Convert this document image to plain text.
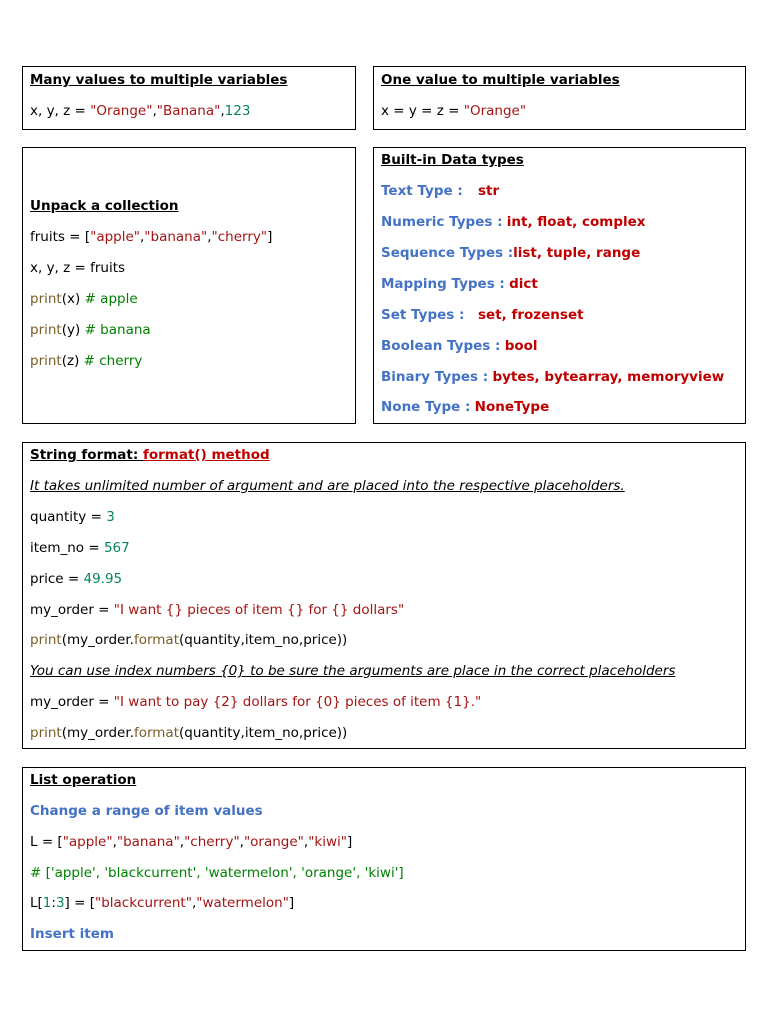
Many values to multiple variables
x, y, z = "Orange","Banana",123
One value to multiple variables
x = y = z = "Orange"
Unpack a collection
fruits = ["apple","banana","cherry"]
x, y, z = fruits
print(x) # apple
print(y) # banana
print(z) # cherry
Built-in Data types
Text Type : str
Numeric Types : int, float, complex
Sequence Types :list, tuple, range
Mapping Types : dict
Set Types : set, frozenset
Boolean Types : bool
Binary Types : bytes, bytearray, memoryview
None Type : NoneType
String format: format() method
It takes unlimited number of argument and are placed into the respective placeholders.
quantity = 3
item_no = 567
price = 49.95
my_order = "I want {} pieces of item {} for {} dollars"
print(my_order.format(quantity,item_no,price))
You can use index numbers {0} to be sure the arguments are place in the correct placeholders
my_order = "I want to pay {2} dollars for {0} pieces of item {1}."
print(my_order.format(quantity,item_no,price))
List operation
Change a range of item values
L = ["apple","banana","cherry","orange","kiwi"]
# ['apple', 'blackcurrent', 'watermelon', 'orange', 'kiwi']
L[1:3] = ["blackcurrent","watermelon"]
Insert item
